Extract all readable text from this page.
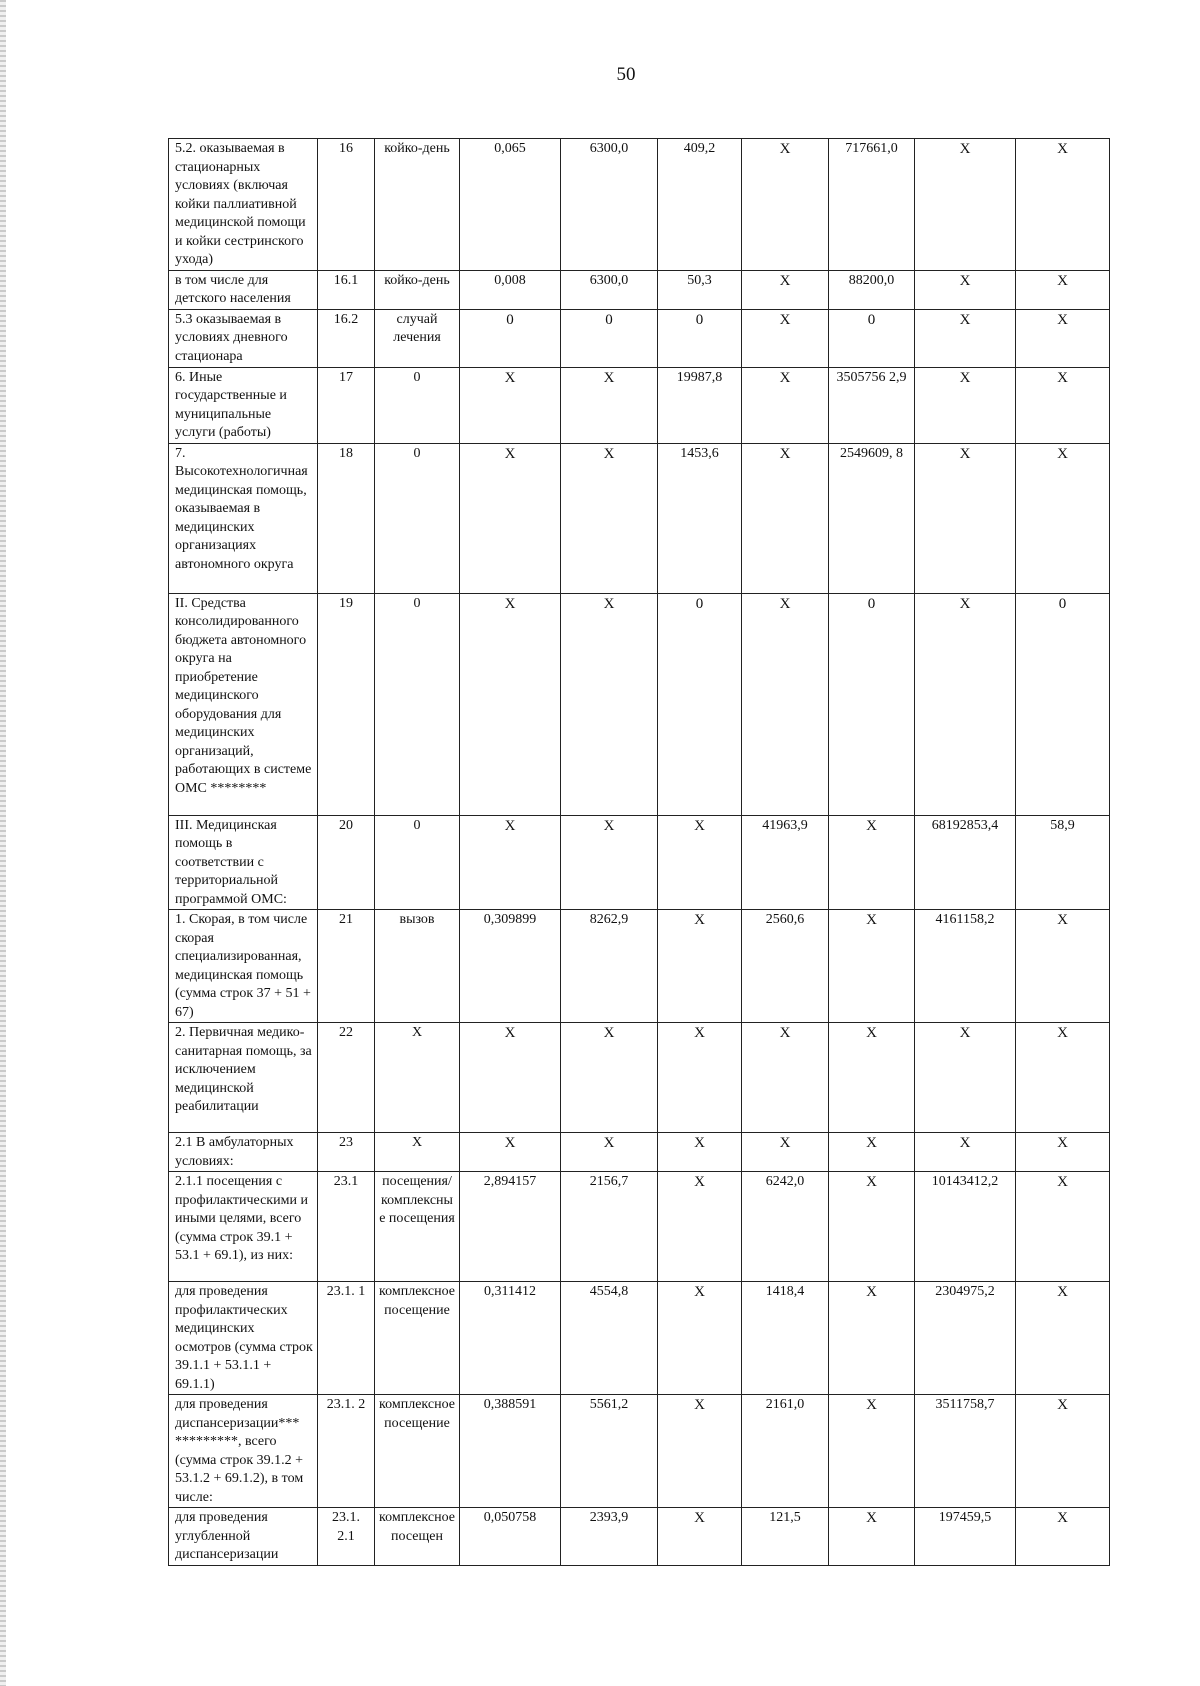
50
5.2. оказываемая в стационарных условиях (включая койки паллиативной медицинской помощи и койки сестринского ухода)	16	койко-день	0,065	6300,0	409,2	Х	717661,0	Х	Х
в том числе для детского населения	16.1	койко-день	0,008	6300,0	50,3	Х	88200,0	Х	Х
5.3 оказываемая в условиях дневного стационара	16.2	случай лечения	0	0	0	Х	0	Х	Х
6. Иные государственные и муниципальные услуги (работы)	17	0	Х	Х	19987,8	Х	3505756 2,9	Х	Х
7. Высокотехнологичная медицинская помощь, оказываемая в медицинских организациях автономного округа	18	0	Х	Х	1453,6	Х	2549609, 8	Х	Х
II. Средства консолидированного бюджета автономного округа на приобретение медицинского оборудования для медицинских организаций, работающих в системе ОМС ********	19	0	Х	Х	0	Х	0	Х	0
III. Медицинская помощь в соответствии с территориальной программой ОМС:	20	0	Х	Х	Х	41963,9	Х	68192853,4	58,9
1. Скорая, в том числе скорая специализированная, медицинская помощь (сумма строк 37 + 51 + 67)	21	вызов	0,309899	8262,9	Х	2560,6	Х	4161158,2	Х
2. Первичная медико-санитарная помощь, за исключением медицинской реабилитации	22	Х	Х	Х	Х	Х	Х	Х	Х
2.1 В амбулаторных условиях:	23	Х	Х	Х	Х	Х	Х	Х	Х
2.1.1 посещения с профилактическими и иными целями, всего (сумма строк 39.1 + 53.1 + 69.1), из них:	23.1	посещения/комплексные посещения	2,894157	2156,7	Х	6242,0	Х	10143412,2	Х
для проведения профилактических медицинских осмотров (сумма строк 39.1.1 + 53.1.1 + 69.1.1)	23.1. 1	комплексное посещение	0,311412	4554,8	Х	1418,4	Х	2304975,2	Х
для проведения диспансеризации*** *********, всего (сумма строк 39.1.2 + 53.1.2 + 69.1.2), в том числе:	23.1. 2	комплексное посещение	0,388591	5561,2	Х	2161,0	Х	3511758,7	Х
для проведения углубленной диспансеризации	23.1. 2.1	комплексное посещен	0,050758	2393,9	Х	121,5	Х	197459,5	Х
